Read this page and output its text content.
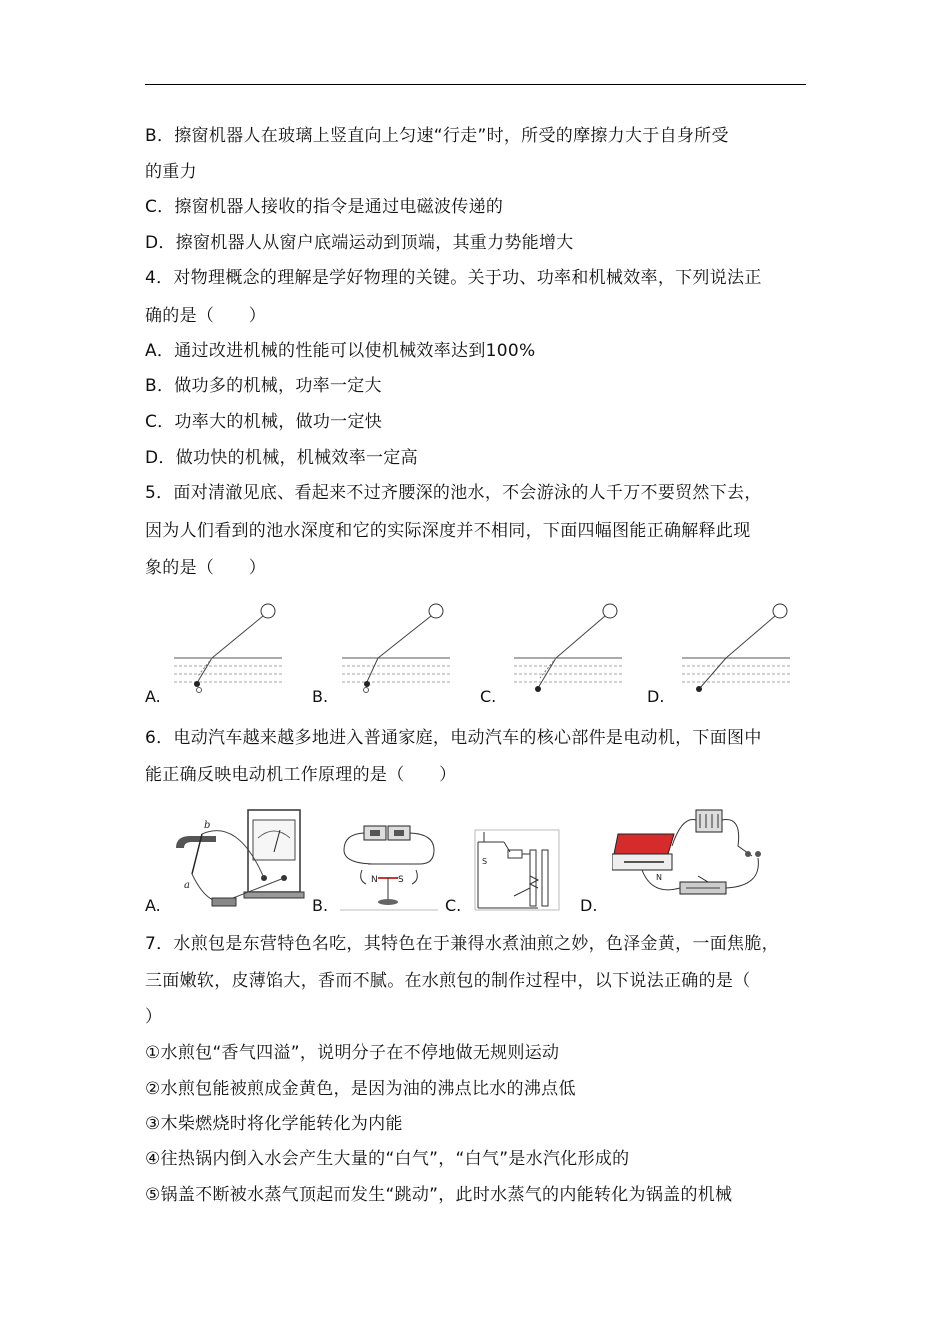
B．擦窗机器人在玻璃上竖直向上匀速“行走”时，所受的摩擦力大于自身所受
的重力
C．擦窗机器人接收的指令是通过电磁波传递的
D．擦窗机器人从窗户底端运动到顶端，其重力势能增大
4．对物理概念的理解是学好物理的关键。关于功、功率和机械效率，下列说法正
确的是（　　）
A．通过改进机械的性能可以使机械效率达到100%
B．做功多的机械，功率一定大
C．功率大的机械，做功一定快
D．做功快的机械，机械效率一定高
5．面对清澈见底、看起来不过齐腰深的池水，不会游泳的人千万不要贸然下去，
因为人们看到的池水深度和它的实际深度并不相同，下面四幅图能正确解释此现
象的是（　　）
A.	B.	C.	D.
6．电动汽车越来越多地进入普通家庭，电动汽车的核心部件是电动机，下面图中
能正确反映电动机工作原理的是（　　）
A.	B.	C.	D.
b
a	N S
S
N
7．水煎包是东营特色名吃，其特色在于兼得水煮油煎之妙，色泽金黄，一面焦脆，
三面嫩软，皮薄馅大，香而不腻。在水煎包的制作过程中，以下说法正确的是（
）
①水煎包“香气四溢”，说明分子在不停地做无规则运动
②水煎包能被煎成金黄色，是因为油的沸点比水的沸点低
③木柴燃烧时将化学能转化为内能
④往热锅内倒入水会产生大量的“白气”，“白气”是水汽化形成的
⑤锅盖不断被水蒸气顶起而发生“跳动”，此时水蒸气的内能转化为锅盖的机械
